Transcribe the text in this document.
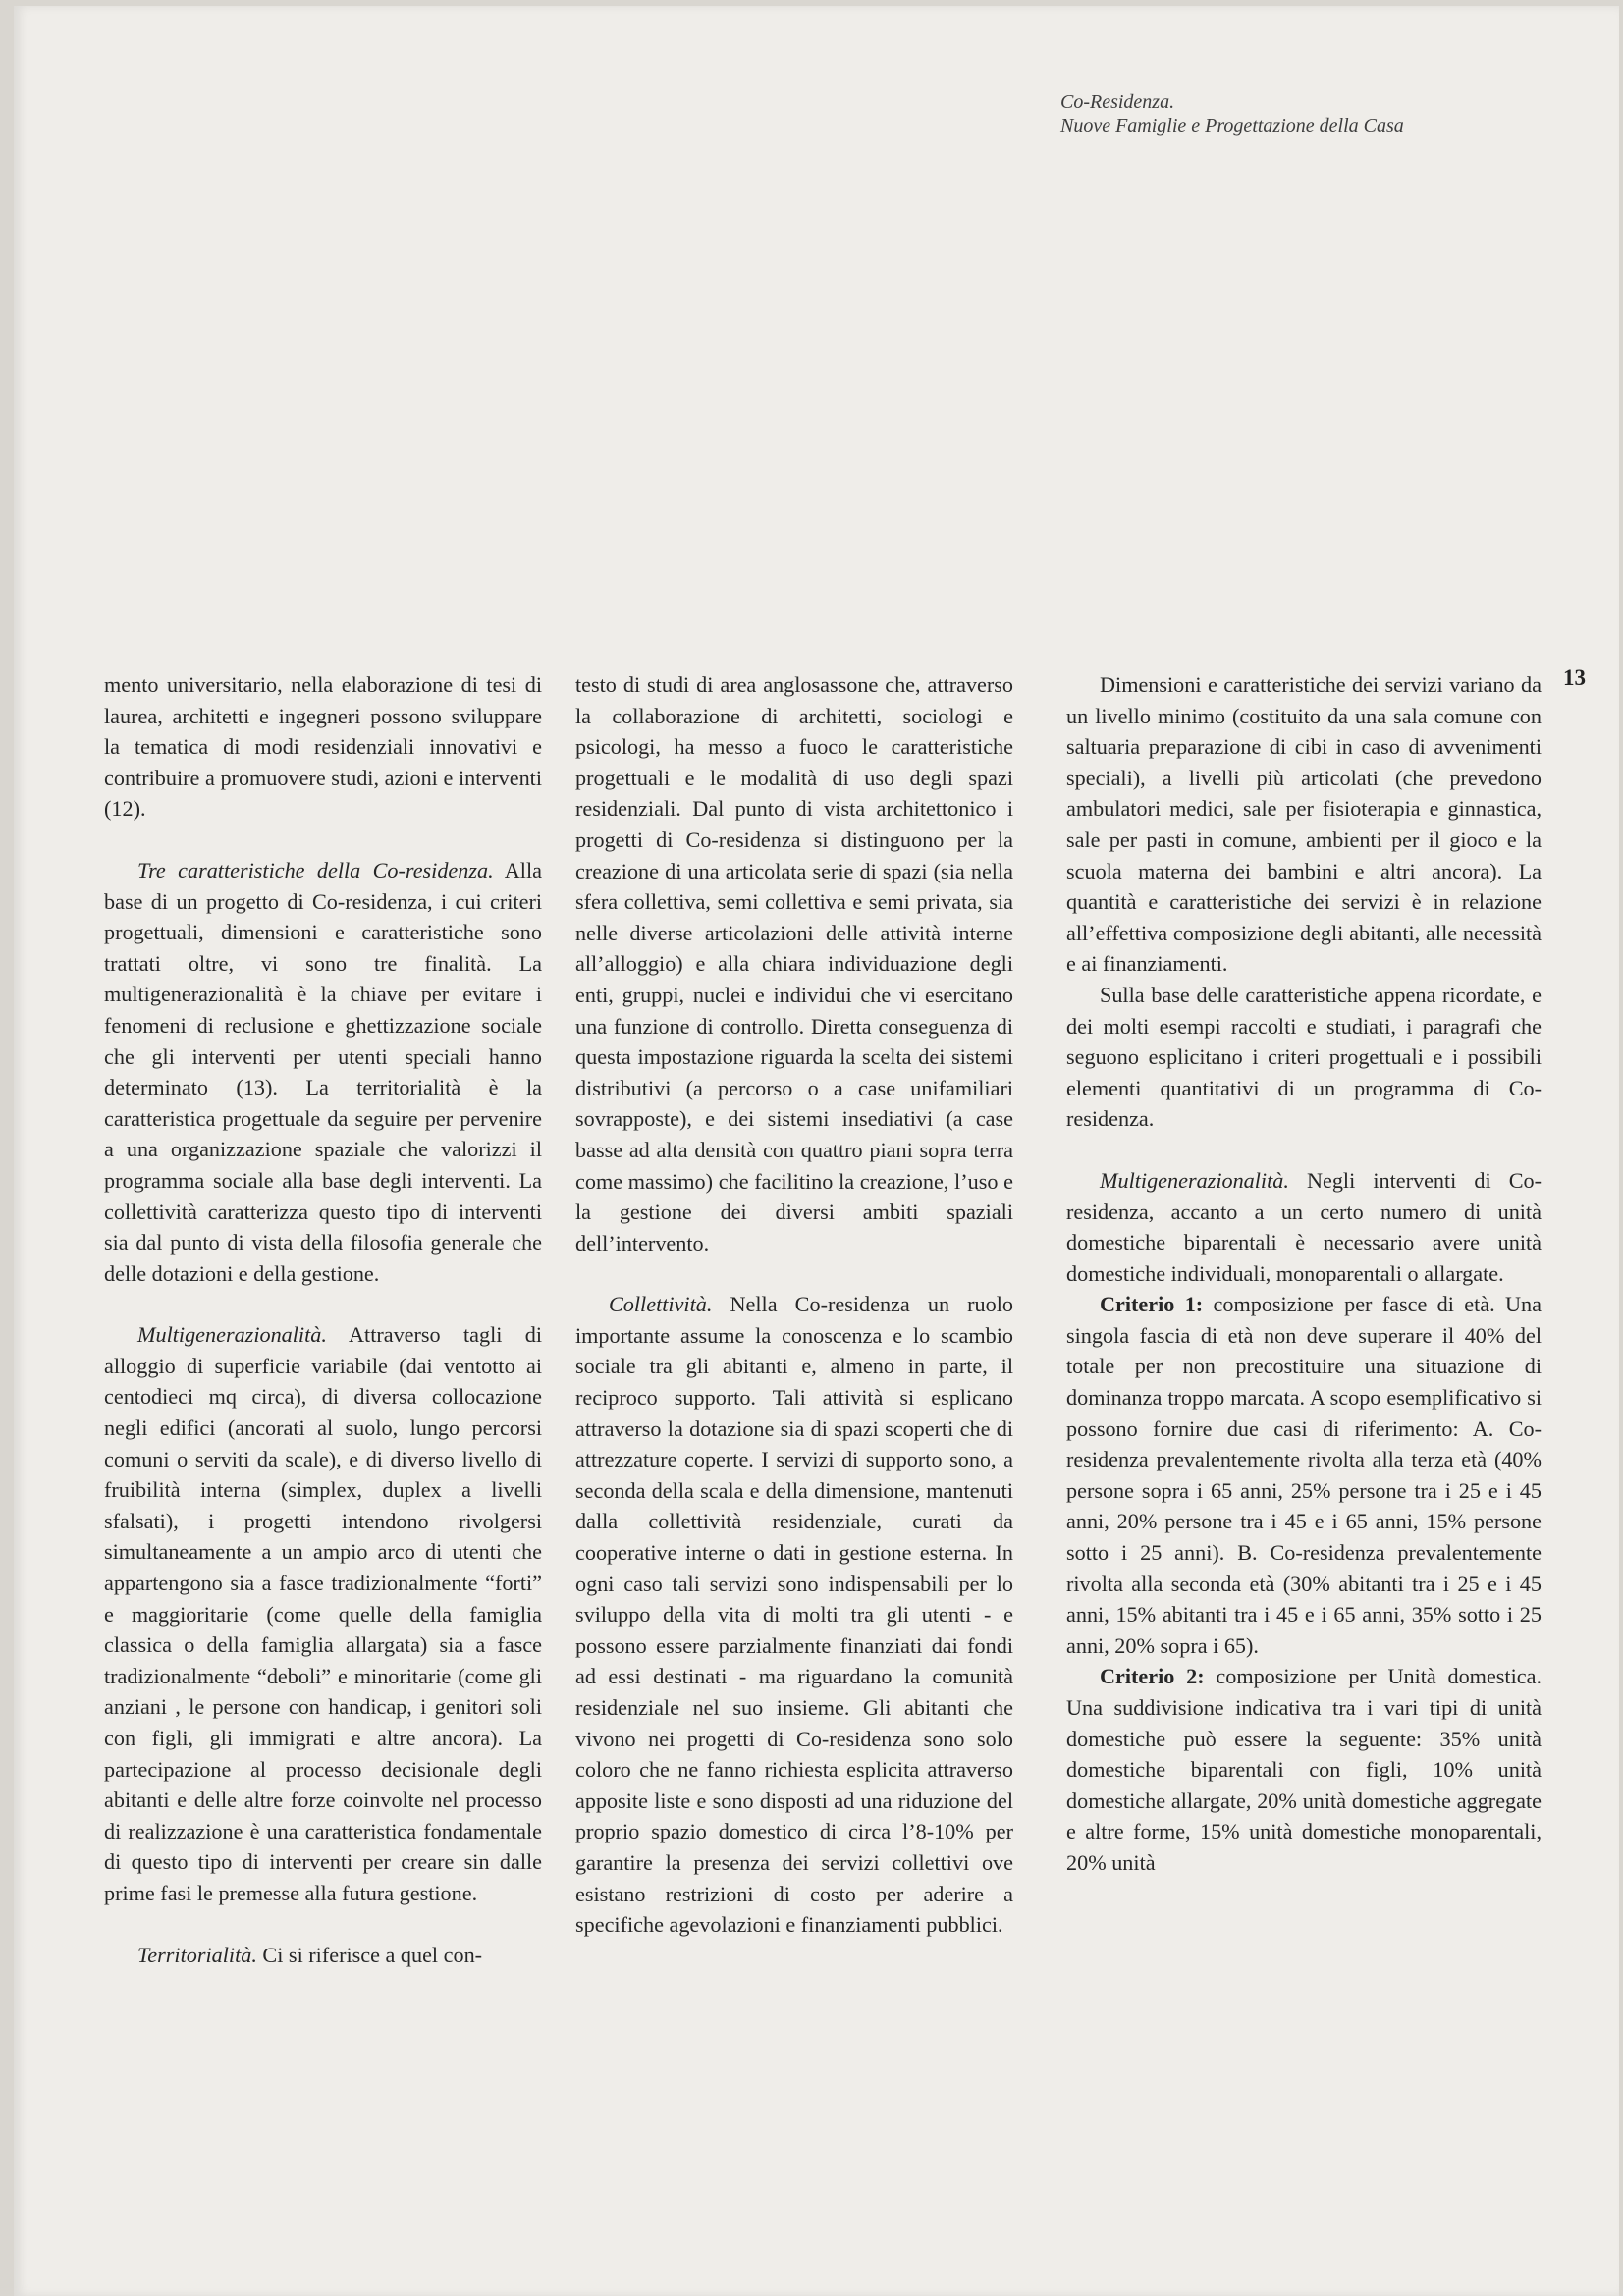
Co-Residenza.
Nuove Famiglie e Progettazione della Casa
13

mento universitario, nella elaborazione di tesi di laurea, architetti e ingegneri possono sviluppare la tematica di modi residenziali innovativi e contribuire a promuovere studi, azioni e interventi (12).

Tre caratteristiche della Co-residenza. Alla base di un progetto di Co-residenza, i cui criteri progettuali, dimensioni e caratteristiche sono trattati oltre, vi sono tre finalità. La multigenerazionalità è la chiave per evitare i fenomeni di reclusione e ghettizzazione sociale che gli interventi per utenti speciali hanno determinato (13). La territorialità è la caratteristica progettuale da seguire per pervenire a una organizzazione spaziale che valorizzi il programma sociale alla base degli interventi. La collettività caratterizza questo tipo di interventi sia dal punto di vista della filosofia generale che delle dotazioni e della gestione.

Multigenerazionalità. Attraverso tagli di alloggio di superficie variabile (dai ventotto ai centodieci mq circa), di diversa collocazione negli edifici (ancorati al suolo, lungo percorsi comuni o serviti da scale), e di diverso livello di fruibilità interna (simplex, duplex a livelli sfalsati), i progetti intendono rivolgersi simultaneamente a un ampio arco di utenti che appartengono sia a fasce tradizionalmente “forti” e maggioritarie (come quelle della famiglia classica o della famiglia allargata) sia a fasce tradizionalmente “deboli” e minoritarie (come gli anziani , le persone con handicap, i genitori soli con figli, gli immigrati e altre ancora). La partecipazione al processo decisionale degli abitanti e delle altre forze coinvolte nel processo di realizzazione è una caratteristica fondamentale di questo tipo di interventi per creare sin dalle prime fasi le premesse alla futura gestione.

Territorialità. Ci si riferisce a quel con-

testo di studi di area anglosassone che, attraverso la collaborazione di architetti, sociologi e psicologi, ha messo a fuoco le caratteristiche progettuali e le modalità di uso degli spazi residenziali. Dal punto di vista architettonico i progetti di Co-residenza si distinguono per la creazione di una articolata serie di spazi (sia nella sfera collettiva, semi collettiva e semi privata, sia nelle diverse articolazioni delle attività interne all’alloggio) e alla chiara individuazione degli enti, gruppi, nuclei e individui che vi esercitano una funzione di controllo. Diretta conseguenza di questa impostazione riguarda la scelta dei sistemi distributivi (a percorso o a case unifamiliari sovrapposte), e dei sistemi insediativi (a case basse ad alta densità con quattro piani sopra terra come massimo) che facilitino la creazione, l’uso e la gestione dei diversi ambiti spaziali dell’intervento.

Collettività. Nella Co-residenza un ruolo importante assume la conoscenza e lo scambio sociale tra gli abitanti e, almeno in parte, il reciproco supporto. Tali attività si esplicano attraverso la dotazione sia di spazi scoperti che di attrezzature coperte. I servizi di supporto sono, a seconda della scala e della dimensione, mantenuti dalla collettività residenziale, curati da cooperative interne o dati in gestione esterna. In ogni caso tali servizi sono indispensabili per lo sviluppo della vita di molti tra gli utenti - e possono essere parzialmente finanziati dai fondi ad essi destinati - ma riguardano la comunità residenziale nel suo insieme. Gli abitanti che vivono nei progetti di Co-residenza sono solo coloro che ne fanno richiesta esplicita attraverso apposite liste e sono disposti ad una riduzione del proprio spazio domestico di circa l’8-10% per garantire la presenza dei servizi collettivi ove esistano restrizioni di costo per aderire a specifiche agevolazioni e finanziamenti pubblici.

Dimensioni e caratteristiche dei servizi variano da un livello minimo (costituito da una sala comune con saltuaria preparazione di cibi in caso di avvenimenti speciali), a livelli più articolati (che prevedono ambulatori medici, sale per fisioterapia e ginnastica, sale per pasti in comune, ambienti per il gioco e la scuola materna dei bambini e altri ancora). La quantità e caratteristiche dei servizi è in relazione all’effettiva composizione degli abitanti, alle necessità e ai finanziamenti.

Sulla base delle caratteristiche appena ricordate, e dei molti esempi raccolti e studiati, i paragrafi che seguono esplicitano i criteri progettuali e i possibili elementi quantitativi di un programma di Co-residenza.

Multigenerazionalità. Negli interventi di Co-residenza, accanto a un certo numero di unità domestiche biparentali è necessario avere unità domestiche individuali, monoparentali o allargate.

Criterio 1: composizione per fasce di età. Una singola fascia di età non deve superare il 40% del totale per non precostituire una situazione di dominanza troppo marcata. A scopo esemplificativo si possono fornire due casi di riferimento: A. Co-residenza prevalentemente rivolta alla terza età (40% persone sopra i 65 anni, 25% persone tra i 25 e i 45 anni, 20% persone tra i 45 e i 65 anni, 15% persone sotto i 25 anni). B. Co-residenza prevalentemente rivolta alla seconda età (30% abitanti tra i 25 e i 45 anni, 15% abitanti tra i 45 e i 65 anni, 35% sotto i 25 anni, 20% sopra i 65).

Criterio 2: composizione per Unità domestica. Una suddivisione indicativa tra i vari tipi di unità domestiche può essere la seguente: 35% unità domestiche biparentali con figli, 10% unità domestiche allargate, 20% unità domestiche aggregate e altre forme, 15% unità domestiche monoparentali, 20% unità
